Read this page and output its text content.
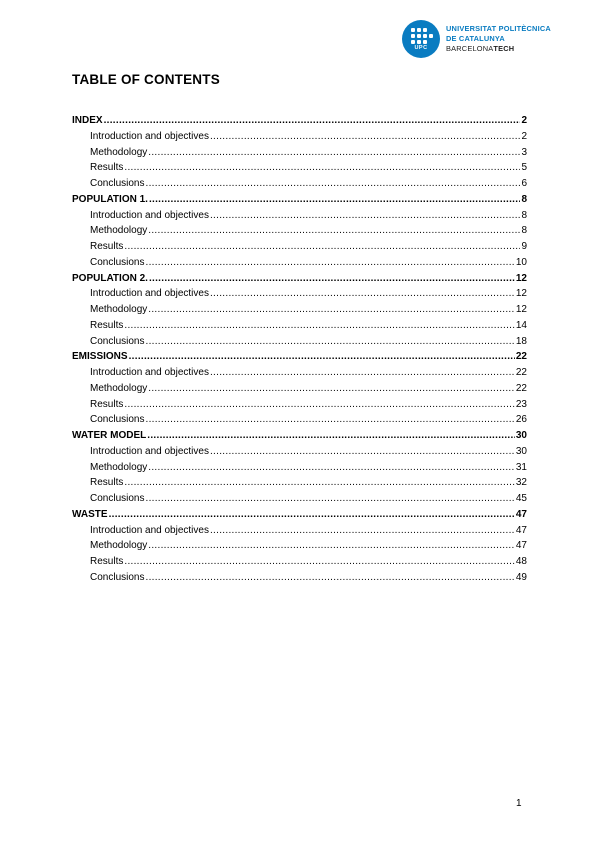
UPC
UNIVERSITAT POLITÈCNICA
DE CATALUNYA
BARCELONATECH
TABLE OF CONTENTS
INDEX .....	2
Introduction and objectives .....	2
Methodology .....	3
Results .....	5
Conclusions .....	6
POPULATION 1. .....	8
Introduction and objectives .....	8
Methodology .....	8
Results .....	9
Conclusions .....	10
POPULATION 2. .....	12
Introduction and objectives .....	12
Methodology .....	12
Results .....	14
Conclusions .....	18
EMISSIONS .....	22
Introduction and objectives .....	22
Methodology .....	22
Results .....	23
Conclusions .....	26
WATER MODEL .....	30
Introduction and objectives .....	30
Methodology .....	31
Results .....	32
Conclusions .....	45
WASTE .....	47
Introduction and objectives .....	47
Methodology .....	47
Results .....	48
Conclusions .....	49
1
